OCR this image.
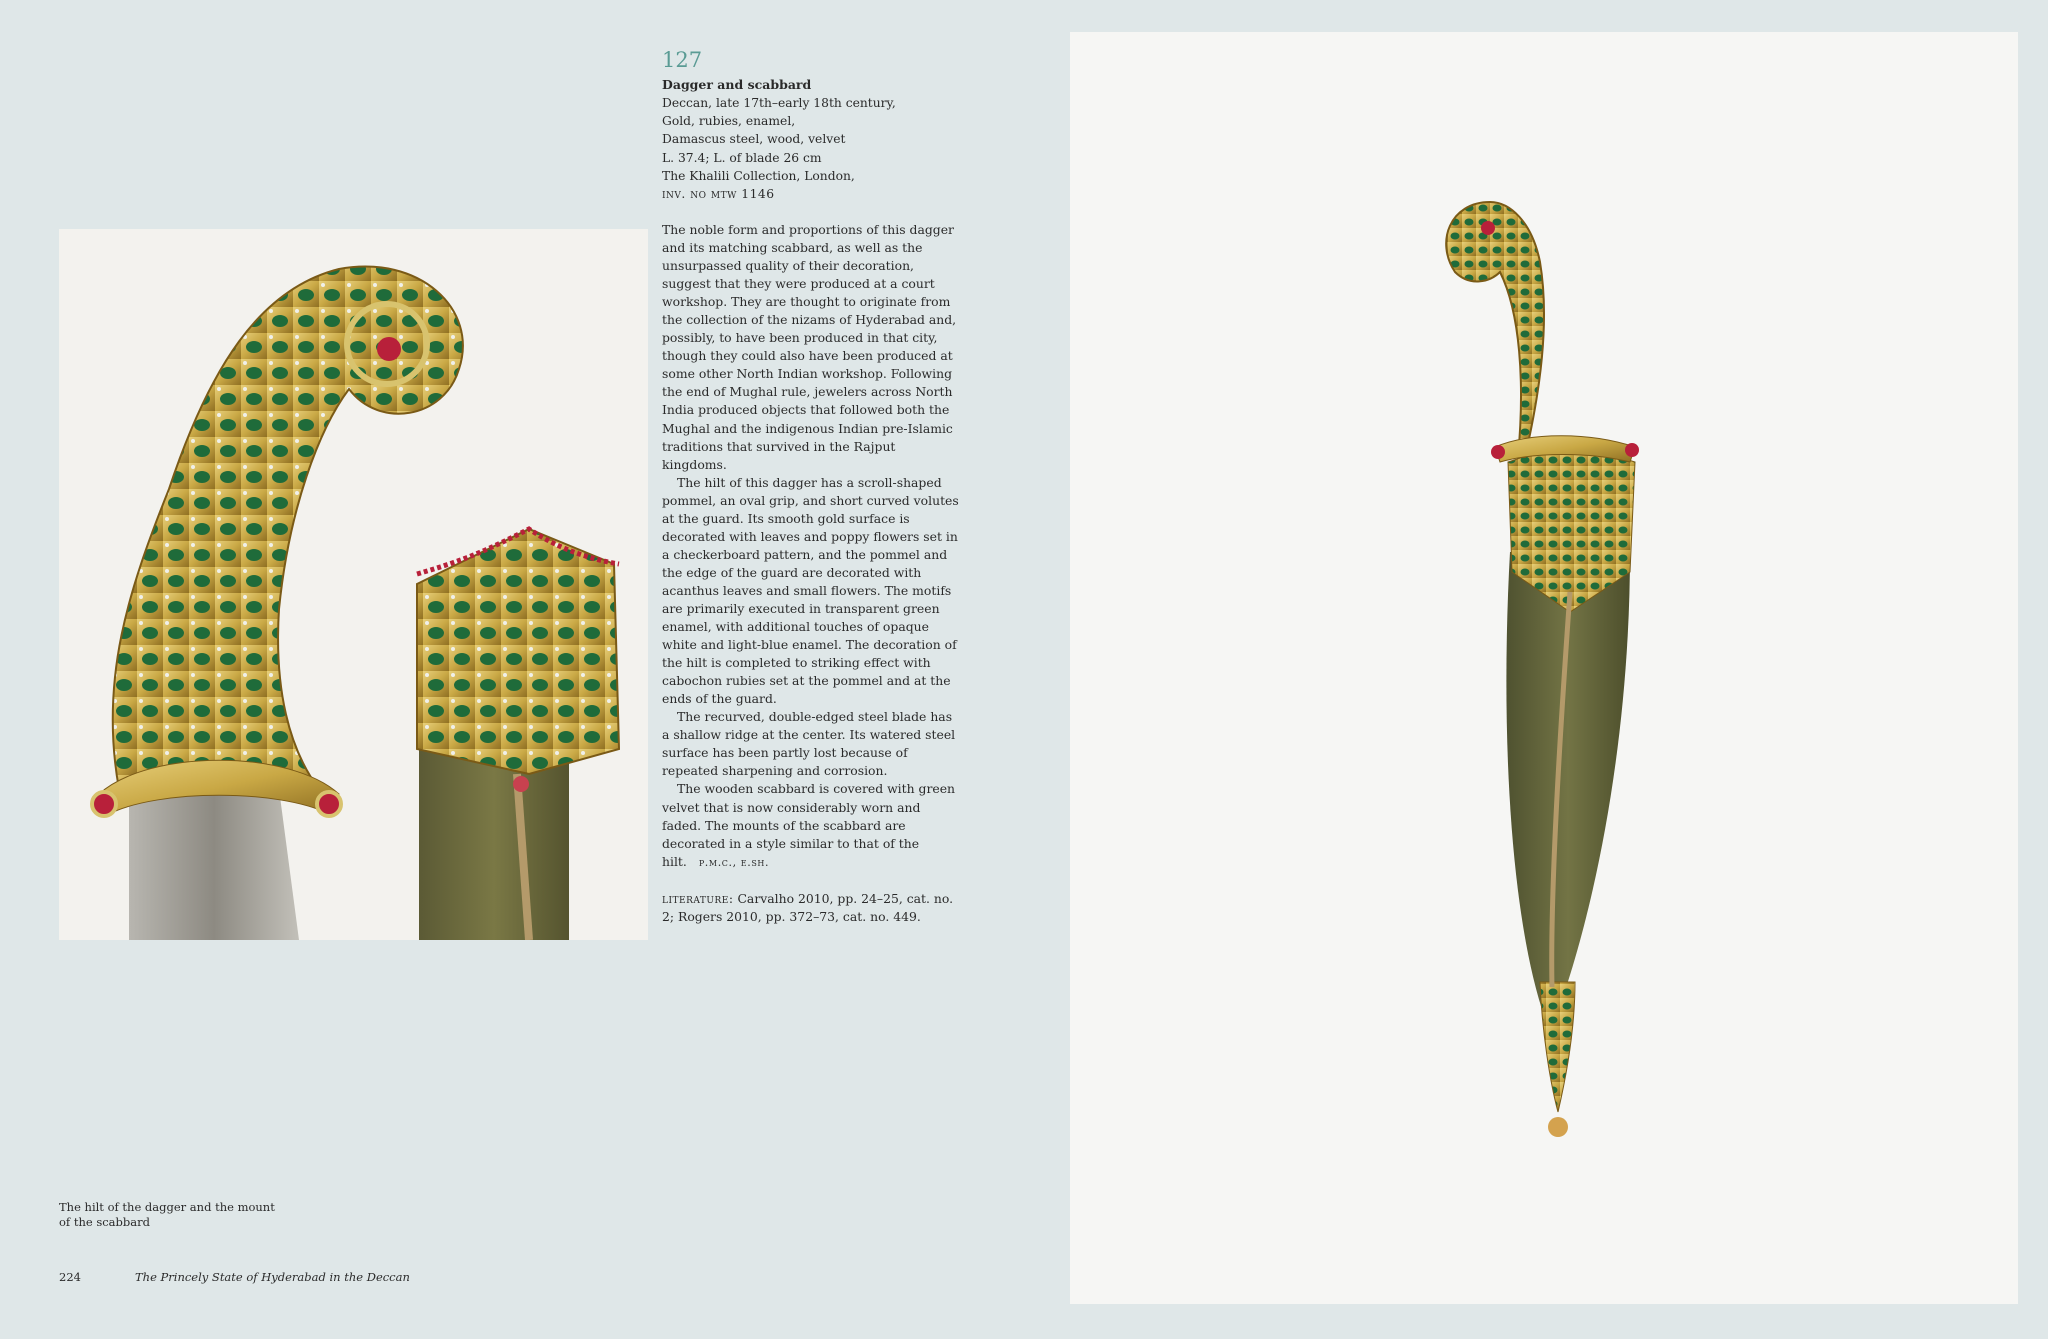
127
Dagger and scabbard
Deccan, late 17th–early 18th century,
Gold, rubies, enamel,
Damascus steel, wood, velvet
L. 37.4; L. of blade 26 cm
The Khalili Collection, London,
inv. no mtw 1146

The noble form and proportions of this dagger and its matching scabbard, as well as the unsurpassed quality of their decoration, suggest that they were produced at a court workshop. They are thought to originate from the collection of the nizams of Hyderabad and, possibly, to have been produced in that city, though they could also have been produced at some other North Indian workshop. Following the end of Mughal rule, jewelers across North India produced objects that followed both the Mughal and the indigenous Indian pre-Islamic traditions that survived in the Rajput kingdoms.

The hilt of this dagger has a scroll-shaped pommel, an oval grip, and short curved volutes at the guard. Its smooth gold surface is decorated with leaves and poppy flowers set in a checkerboard pattern, and the pommel and the edge of the guard are decorated with acanthus leaves and small flowers. The motifs are primarily executed in transparent green enamel, with additional touches of opaque white and light-blue enamel. The decoration of the hilt is completed to striking effect with cabochon rubies set at the pommel and at the ends of the guard.

The recurved, double-edged steel blade has a shallow ridge at the center. Its watered steel surface has been partly lost because of repeated sharpening and corrosion.

The wooden scabbard is covered with green velvet that is now considerably worn and faded. The mounts of the scabbard are decorated in a style similar to that of the hilt. p.m.c., e.sh.

literature: Carvalho 2010, pp. 24–25, cat. no. 2; Rogers 2010, pp. 372–73, cat. no. 449.

The hilt of the dagger and the mount of the scabbard
224	The Princely State of Hyderabad in the Deccan
